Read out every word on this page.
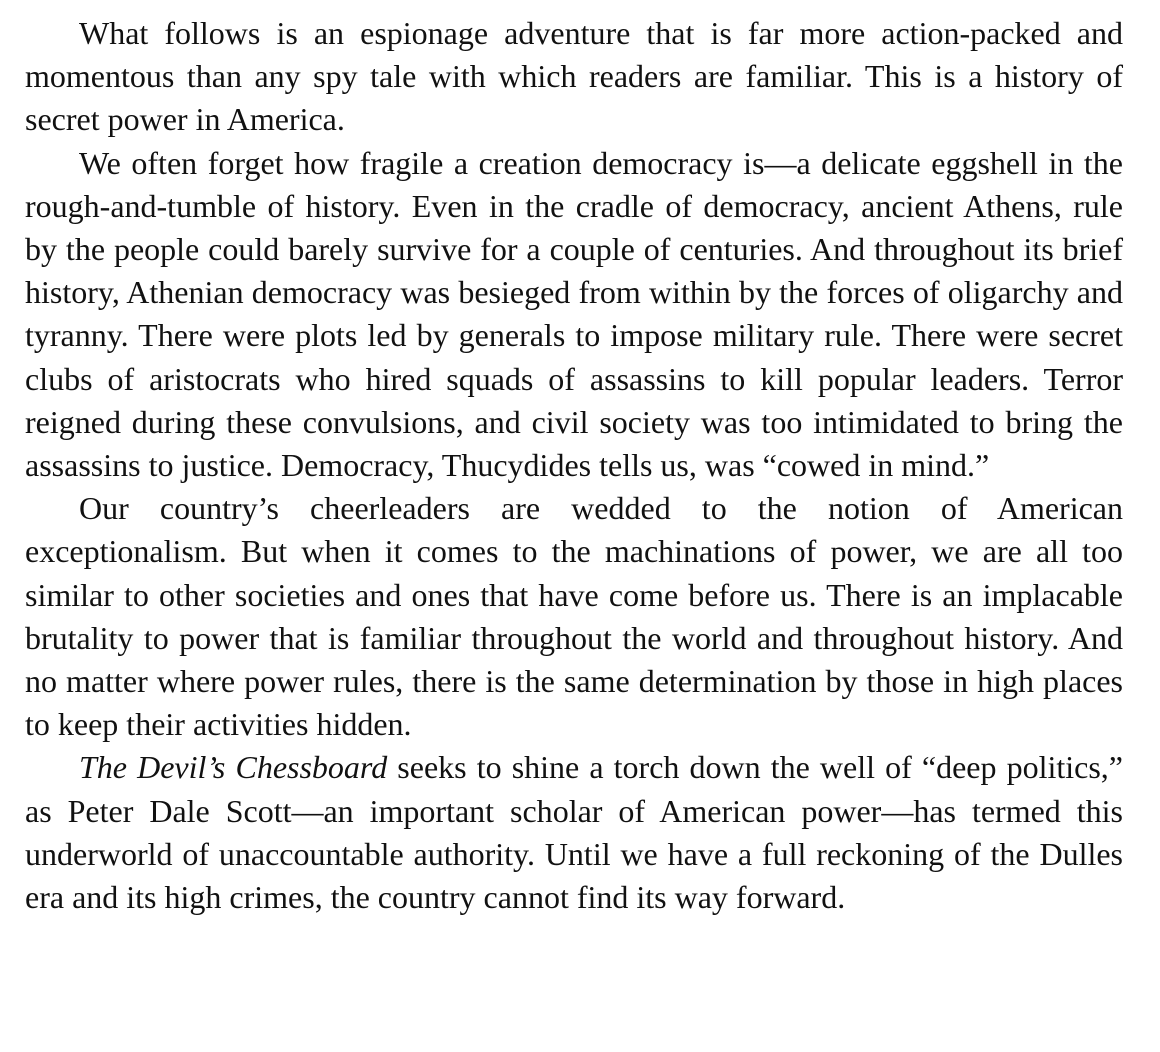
What follows is an espionage adventure that is far more action-packed and momentous than any spy tale with which readers are familiar. This is a history of secret power in America.

We often forget how fragile a creation democracy is—a delicate eggshell in the rough-and-tumble of history. Even in the cradle of democracy, ancient Athens, rule by the people could barely survive for a couple of centuries. And throughout its brief history, Athenian democracy was besieged from within by the forces of oligarchy and tyranny. There were plots led by generals to impose military rule. There were secret clubs of aristocrats who hired squads of assassins to kill popular leaders. Terror reigned during these convulsions, and civil society was too intimidated to bring the assassins to justice. Democracy, Thucydides tells us, was “cowed in mind.”

Our country’s cheerleaders are wedded to the notion of American exceptionalism. But when it comes to the machinations of power, we are all too similar to other societies and ones that have come before us. There is an implacable brutality to power that is familiar throughout the world and throughout history. And no matter where power rules, there is the same determination by those in high places to keep their activities hidden.

The Devil’s Chessboard seeks to shine a torch down the well of “deep politics,” as Peter Dale Scott—an important scholar of American power—has termed this underworld of unaccountable authority. Until we have a full reckoning of the Dulles era and its high crimes, the country cannot find its way forward.
